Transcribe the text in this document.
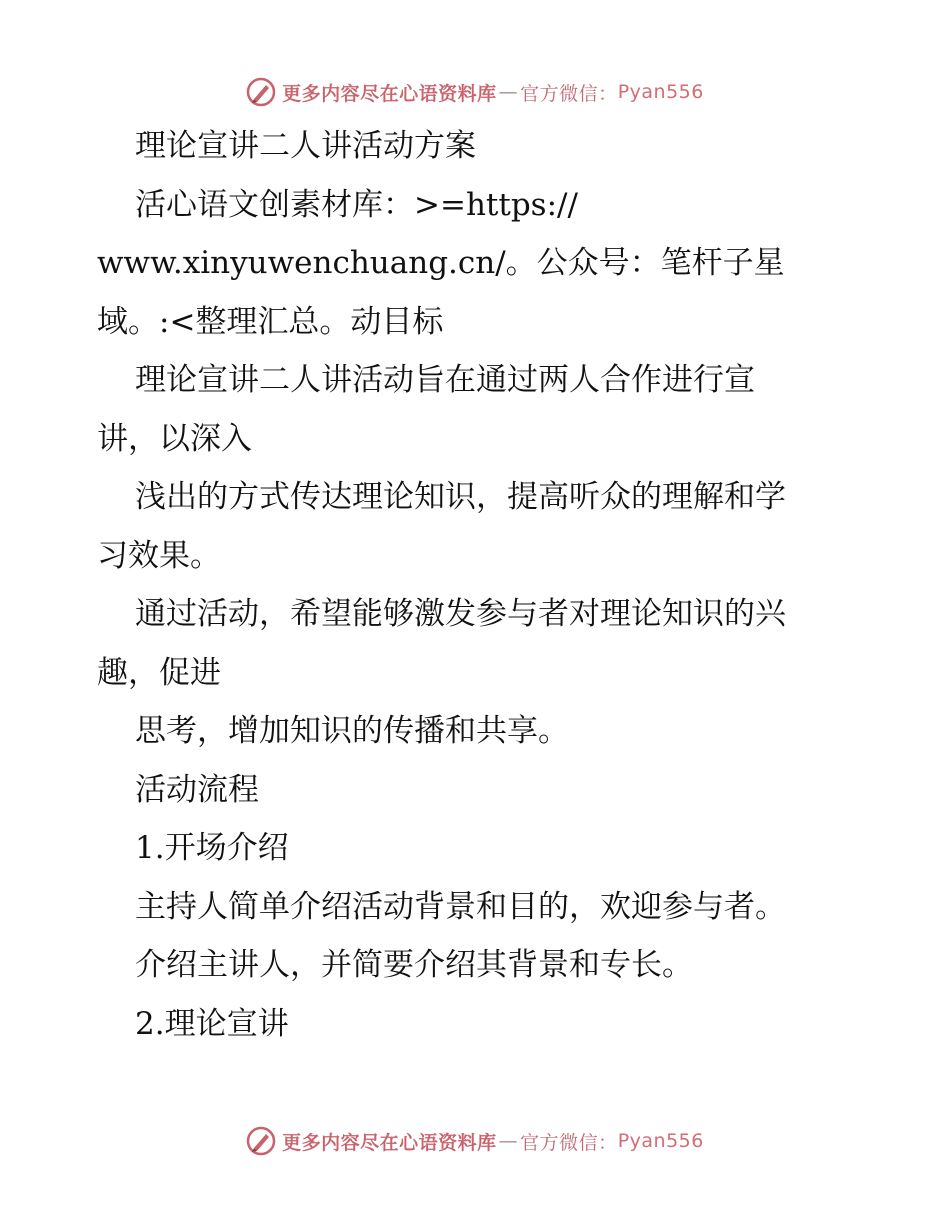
更多内容尽在心语资料库 — 官方微信： Pyan556

理论宣讲二人讲活动方案

活心语文创素材库：>=https://

www.xinyuwenchuang.cn/。公众号：笔杆子星

域。:<整理汇总。动目标

理论宣讲二人讲活动旨在通过两人合作进行宣

讲，以深入

浅出的方式传达理论知识，提高听众的理解和学

习效果。

通过活动，希望能够激发参与者对理论知识的兴

趣，促进

思考，增加知识的传播和共享。

活动流程

1.开场介绍

主持人简单介绍活动背景和目的，欢迎参与者。

介绍主讲人，并简要介绍其背景和专长。

2.理论宣讲

更多内容尽在心语资料库 — 官方微信： Pyan556
